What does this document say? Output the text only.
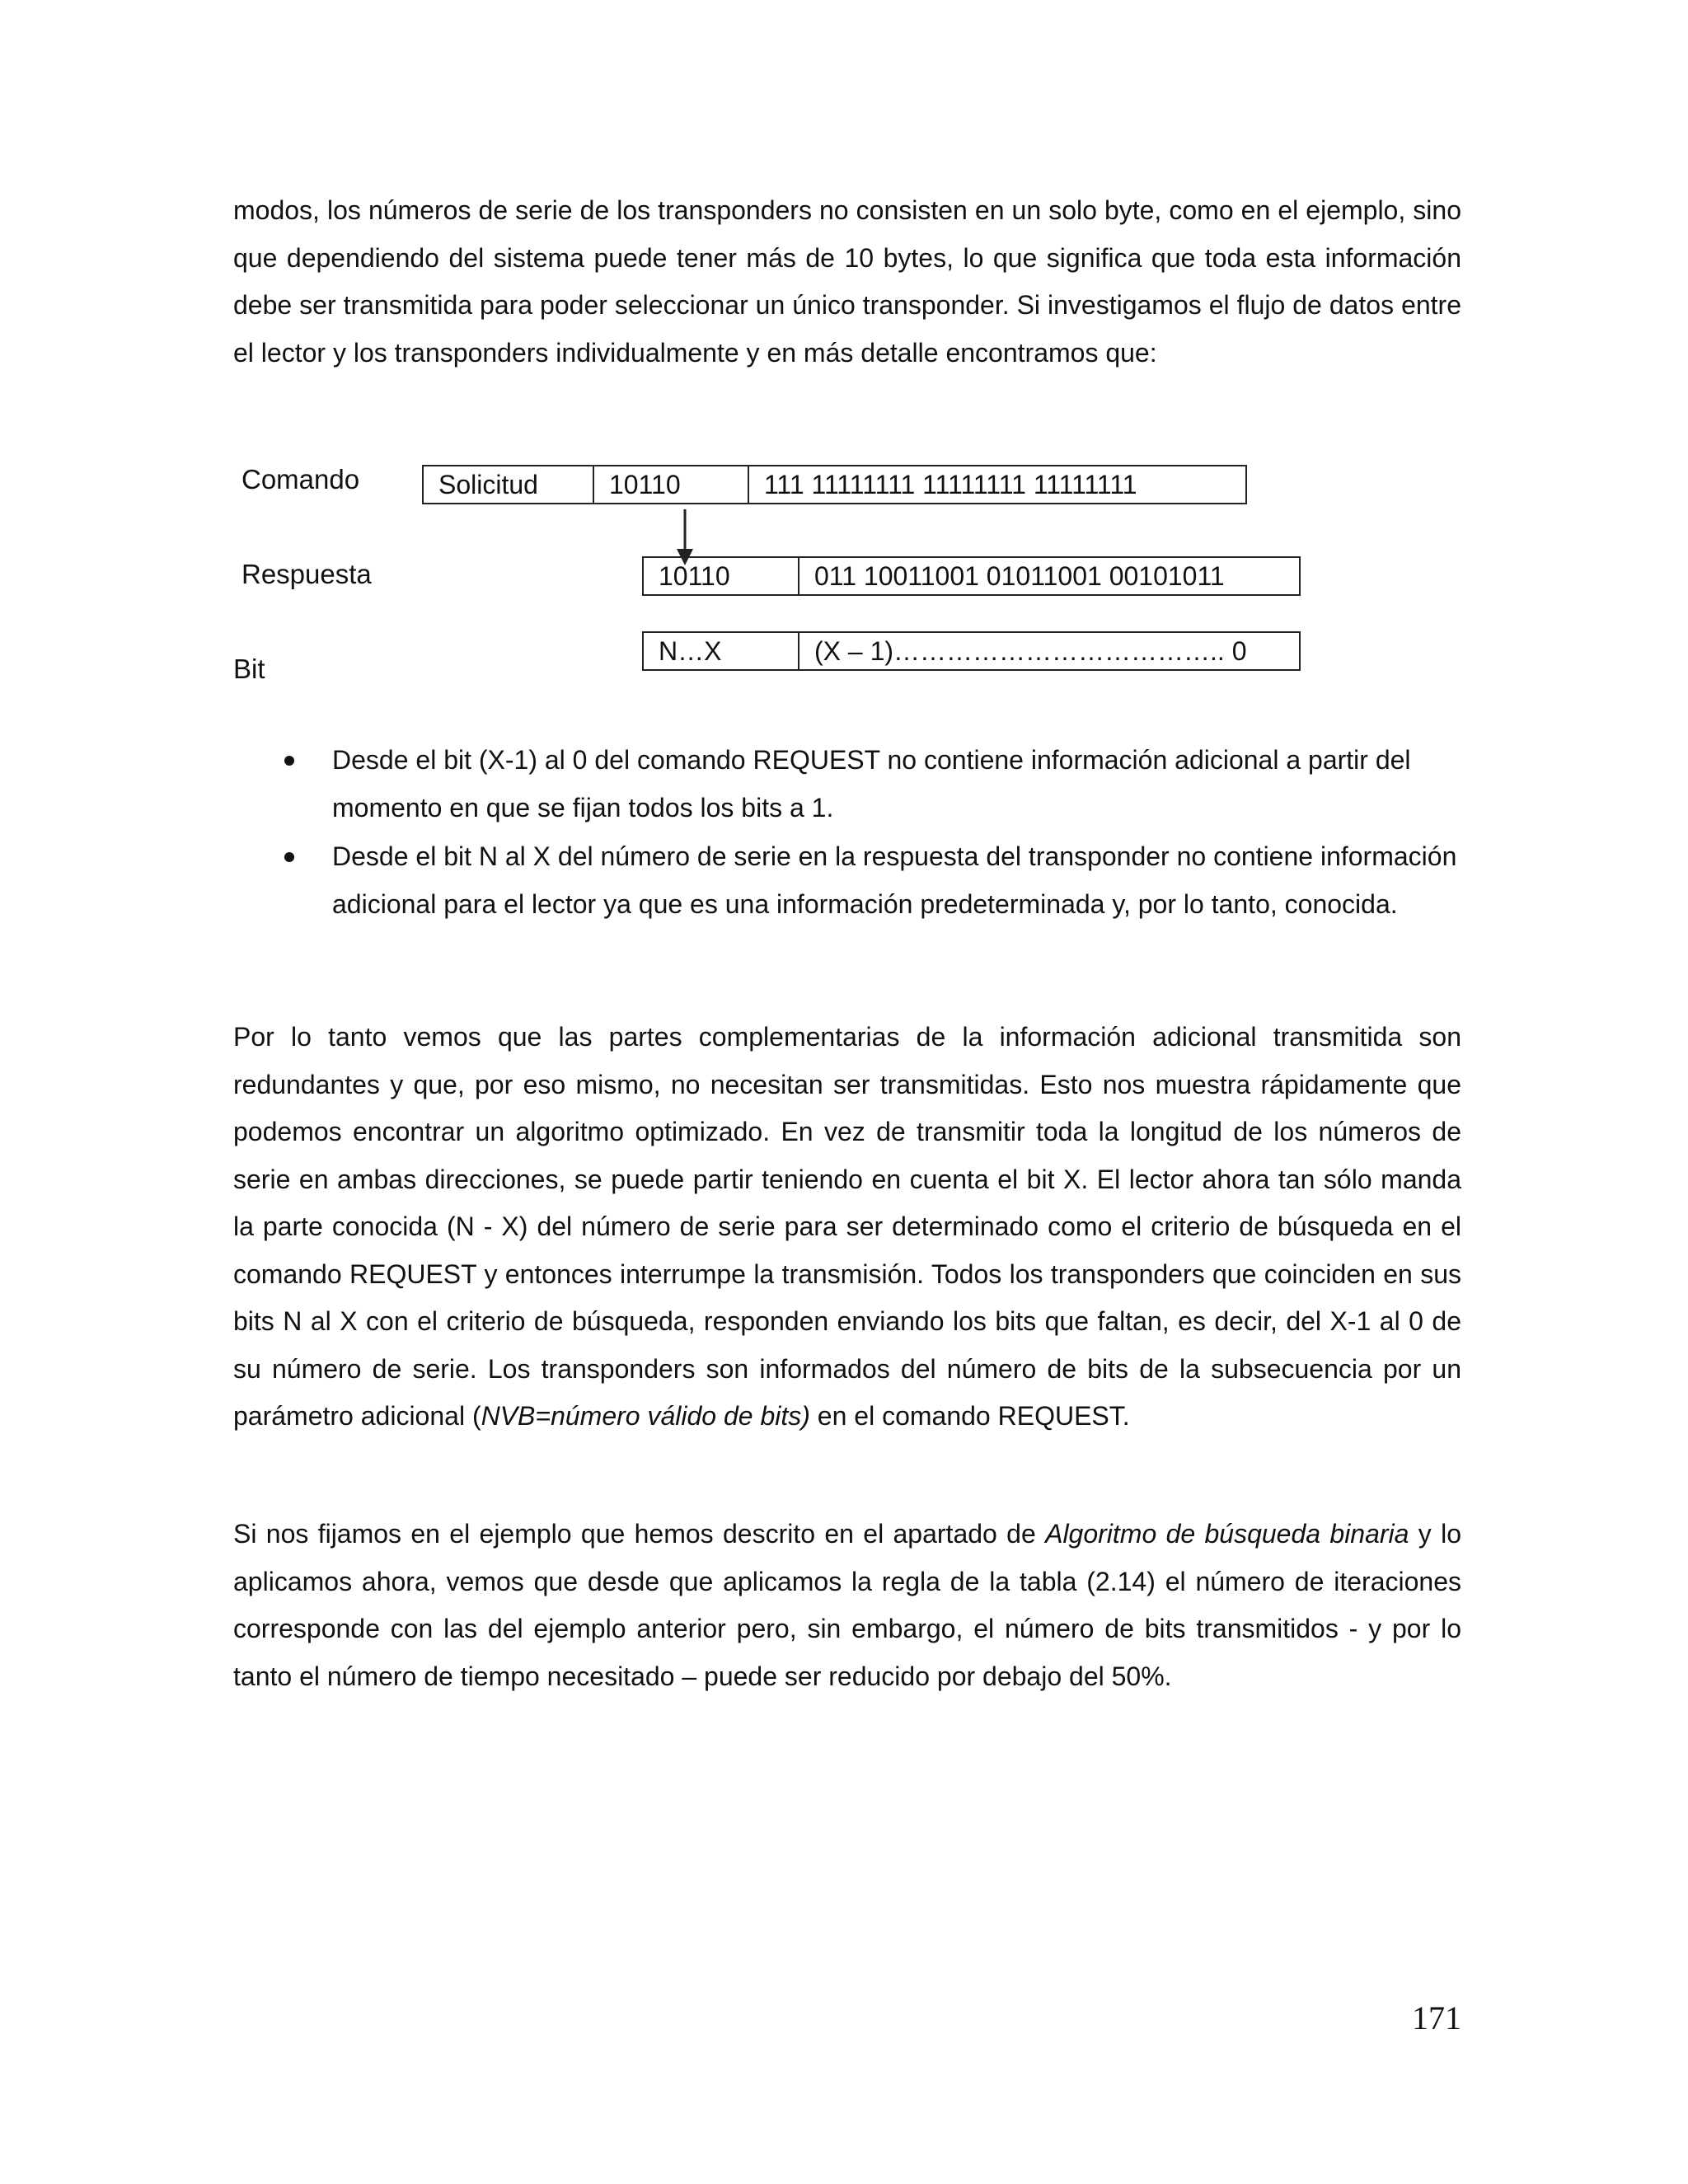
modos, los números de serie de los transponders no consisten en un solo byte, como en el ejemplo, sino que dependiendo del sistema puede tener más de 10 bytes, lo que significa que toda esta información debe ser transmitida para poder seleccionar un único transponder. Si investigamos el flujo de datos entre el lector y los transponders individualmente y en más detalle encontramos que:

Comando
Respuesta
Bit
Solicitud	10110	111 11111111 11111111 11111111
10110	011 10011001 01011001 00101011
N…X	(X – 1)……………………………….. 0
Desde el bit (X-1) al 0 del comando REQUEST no contiene información adicional a partir del momento en que se fijan todos los bits a 1.
Desde el bit N al X del número de serie en la respuesta del transponder no contiene información adicional para el lector ya que es una información predeterminada y, por lo tanto, conocida.

Por lo tanto vemos que las partes complementarias de la información adicional transmitida son redundantes y que, por eso mismo, no necesitan ser transmitidas. Esto nos muestra rápidamente que podemos encontrar un algoritmo optimizado. En vez de transmitir toda la longitud de los números de serie en ambas direcciones, se puede partir teniendo en cuenta el bit X. El lector ahora tan sólo manda la parte conocida (N - X) del número de serie para ser determinado como el criterio de búsqueda en el comando REQUEST y entonces interrumpe la transmisión. Todos los transponders que coinciden en sus bits N al X con el criterio de búsqueda, responden enviando los bits que faltan, es decir, del X-1 al 0 de su número de serie. Los transponders son informados del número de bits de la subsecuencia por un parámetro adicional (NVB=número válido de bits) en el comando REQUEST.

Si nos fijamos en el ejemplo que hemos descrito en el apartado de Algoritmo de búsqueda binaria y lo aplicamos ahora, vemos que desde que aplicamos la regla de la tabla (2.14) el número de iteraciones corresponde con las del ejemplo anterior pero, sin embargo, el número de bits transmitidos - y por lo tanto el número de tiempo necesitado – puede ser reducido por debajo del 50%.

171
